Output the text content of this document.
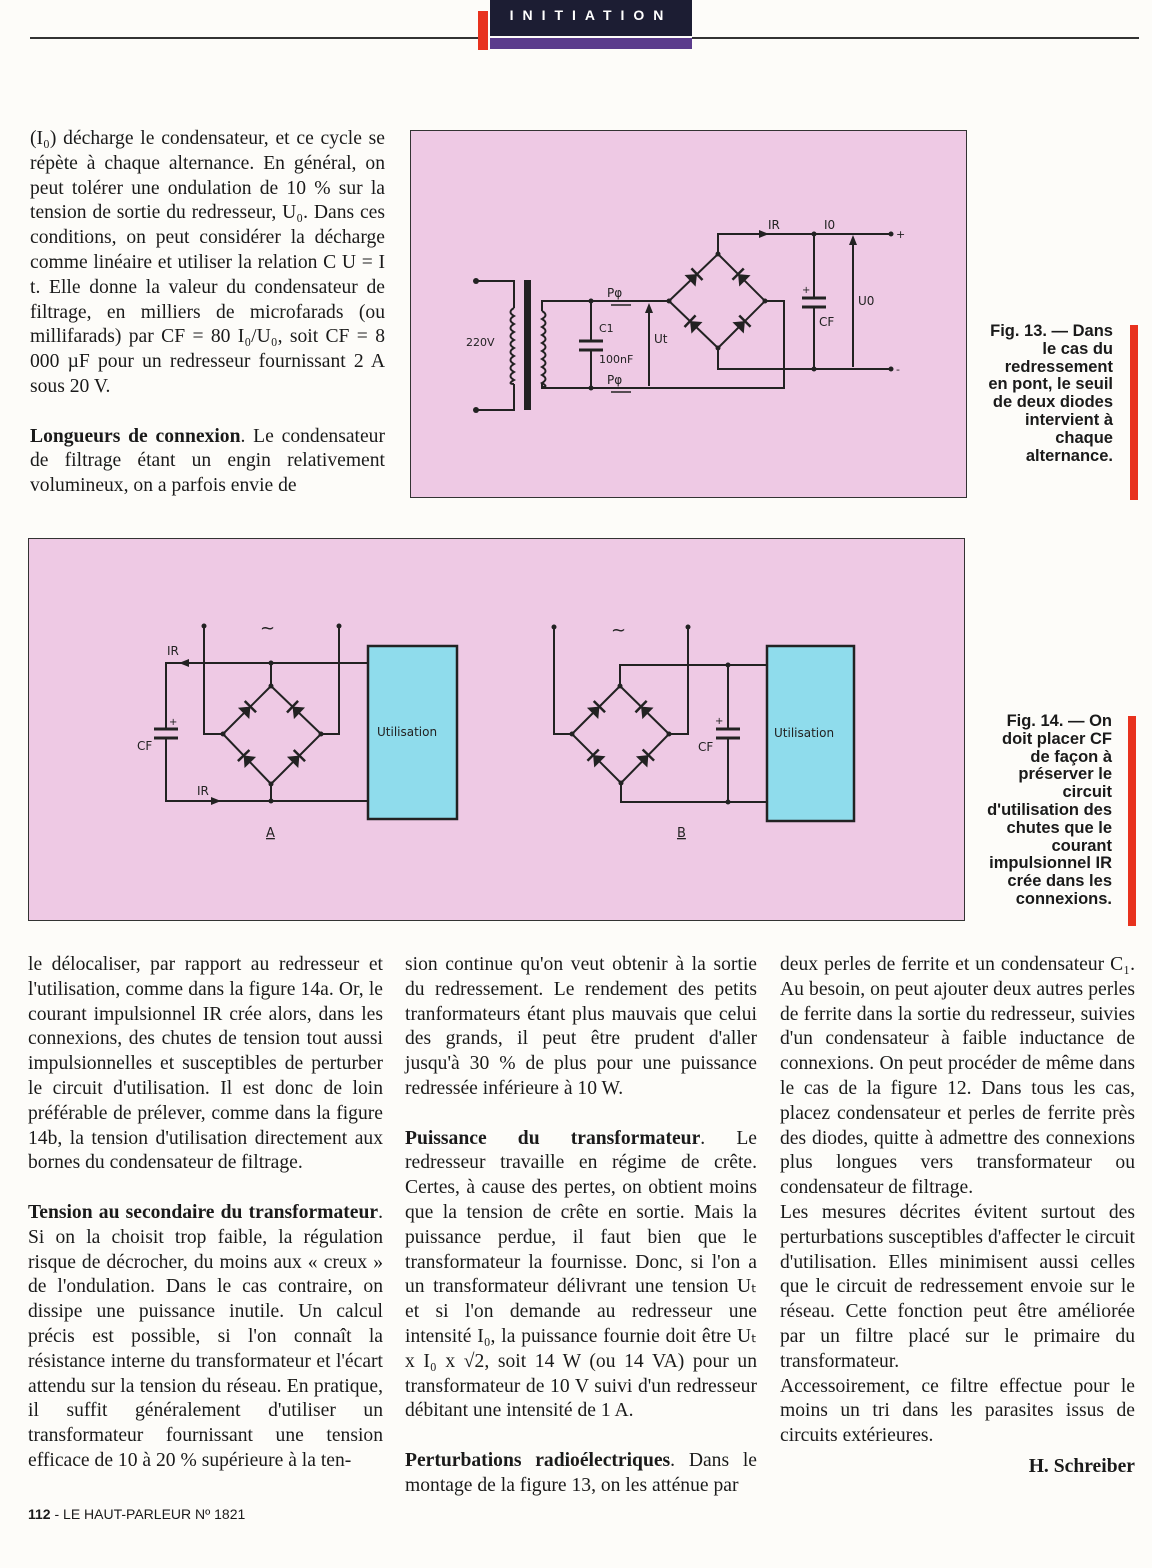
INITIATION

(I₀) décharge le condensateur, et ce cycle se répète à chaque alternance. En général, on peut tolérer une ondulation de 10 % sur la tension de sortie du redresseur, U₀. Dans ces conditions, on peut considérer la décharge comme linéaire et utiliser la relation C U = I t. Elle donne la valeur du condensateur de filtrage, en milliers de microfarads (ou millifarads) par CF = 80 I₀/U₀, soit CF = 8 000 µF pour un redresseur fournissant 2 A sous 20 V.

Longueurs de connexion. Le condensateur de filtrage étant un engin relativement volumineux, on a parfois envie de

220V
C1
100nF
Pφ
Pφ
Ut
IR	I0
U0
CF
+
+
-
Fig. 13. — Dans le cas du redressement en pont, le seuil de deux diodes intervient à chaque alternance.
Utilisation	Utilisation
~	~
IR
IR
CF
+
CF
+
A	B
Fig. 14. — On doit placer CF de façon à préserver le circuit d'utilisation des chutes que le courant impulsionnel IR crée dans les connexions.

le délocaliser, par rapport au redresseur et l'utilisation, comme dans la figure 14a. Or, le courant impulsionnel IR crée alors, dans les connexions, des chutes de tension tout aussi impulsionnelles et susceptibles de perturber le circuit d'utilisation. Il est donc de loin préférable de prélever, comme dans la figure 14b, la tension d'utilisation directement aux bornes du condensateur de filtrage.

Tension au secondaire du transformateur. Si on la choisit trop faible, la régulation risque de décrocher, du moins aux « creux » de l'ondulation. Dans le cas contraire, on dissipe une puissance inutile. Un calcul précis est possible, si l'on connaît la résistance interne du transformateur et l'écart attendu sur la tension du réseau. En pratique, il suffit généralement d'utiliser un transformateur fournissant une tension efficace de 10 à 20 % supérieure à la ten-

sion continue qu'on veut obtenir à la sortie du redressement. Le rendement des petits tranformateurs étant plus mauvais que celui des grands, il peut être prudent d'aller jusqu'à 30 % de plus pour une puissance redressée inférieure à 10 W.

Puissance du transformateur. Le redresseur travaille en régime de crête. Certes, à cause des pertes, on obtient moins que la tension de crête en sortie. Mais la puissance perdue, il faut bien que le transformateur la fournisse. Donc, si l'on a un transformateur délivrant une tension Uₜ et si l'on demande au redresseur une intensité I₀, la puissance fournie doit être Uₜ x I₀ x √2, soit 14 W (ou 14 VA) pour un transformateur de 10 V suivi d'un redresseur débitant une intensité de 1 A.

Perturbations radioélectriques. Dans le montage de la figure 13, on les atténue par

deux perles de ferrite et un condensateur C₁. Au besoin, on peut ajouter deux autres perles de ferrite dans la sortie du redresseur, suivies d'un condensateur à faible inductance de connexions. On peut procéder de même dans le cas de la figure 12. Dans tous les cas, placez condensateur et perles de ferrite près des diodes, quitte à admettre des connexions plus longues vers transformateur ou condensateur de filtrage.

Les mesures décrites évitent surtout des perturbations susceptibles d'affecter le circuit d'utilisation. Elles minimisent aussi celles que le circuit de redressement envoie sur le réseau. Cette fonction peut être améliorée par un filtre placé sur le primaire du transformateur.

Accessoirement, ce filtre effectue pour le moins un tri dans les parasites issus de circuits extérieures.

H. Schreiber
112 - LE HAUT-PARLEUR Nº 1821
